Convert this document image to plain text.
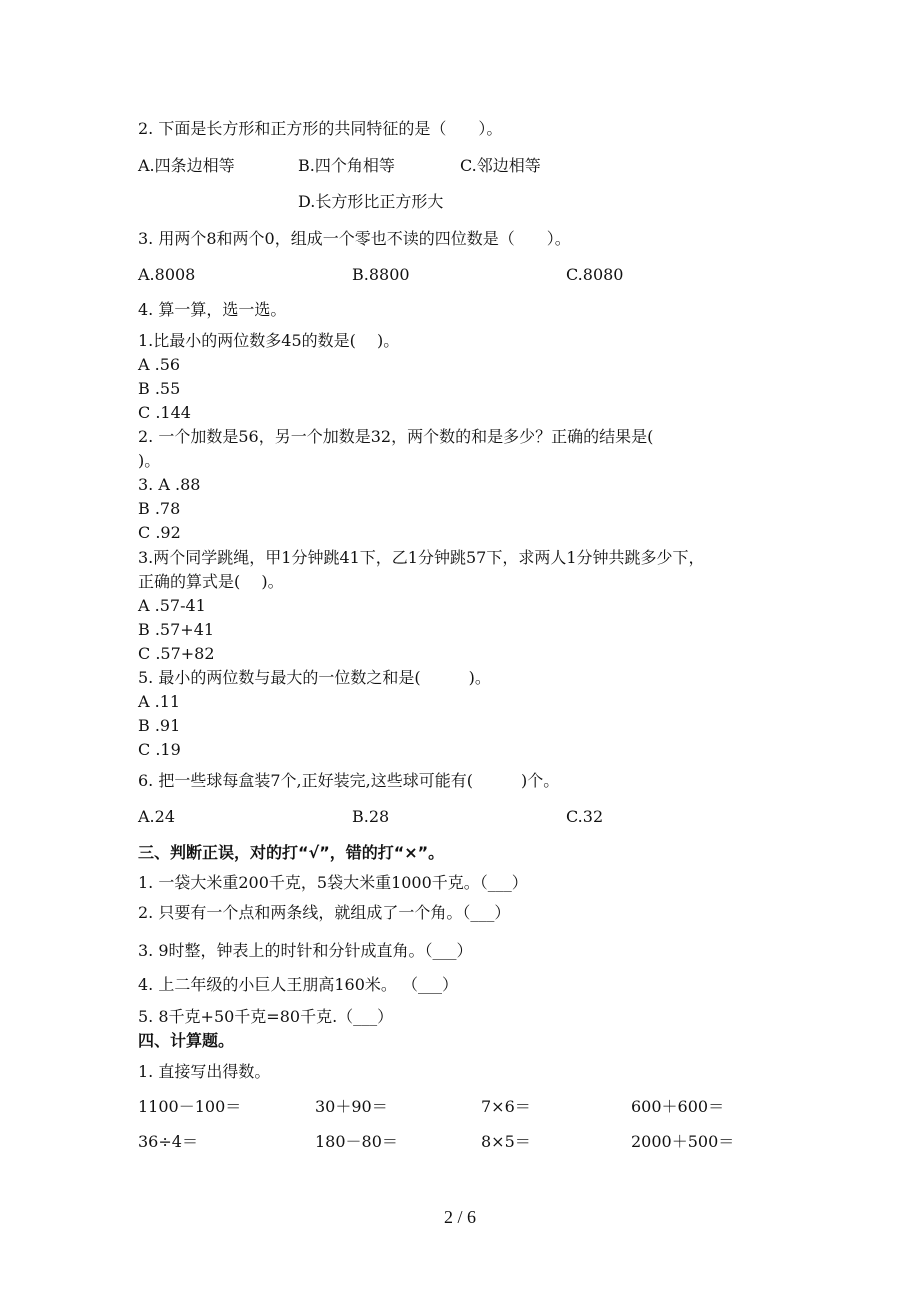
2. 下面是长方形和正方形的共同特征的是（　　）。
A.四条边相等	B.四个角相等	C.邻边相等
D.长方形比正方形大
3. 用两个8和两个0，组成一个零也不读的四位数是（　　）。
A.8008	B.8800	C.8080
4. 算一算，选一选。
1.比最小的两位数多45的数是(　 )。
A .56
B .55
C .144
2. 一个加数是56，另一个加数是32，两个数的和是多少？正确的结果是(
)。
3. A .88
B .78
C .92
3.两个同学跳绳，甲1分钟跳41下，乙1分钟跳57下，求两人1分钟共跳多少下，
正确的算式是(　 )。
A .57-41
B .57+41
C .57+82
5. 最小的两位数与最大的一位数之和是(　　　)。
A .11
B .91
C .19
6. 把一些球每盒装7个,正好装完,这些球可能有(　　　)个。
A.24	B.28	C.32
三、判断正误，对的打“√”，错的打“×”。
1. 一袋大米重200千克，5袋大米重1000千克。（___）
2. 只要有一个点和两条线，就组成了一个角。（___）
3. 9时整，钟表上的时针和分针成直角。（___）
4. 上二年级的小巨人王朋高160米。 （___）
5. 8千克+50千克=80千克.（___）
四、计算题。
1. 直接写出得数。
1100－100＝	30＋90＝	7×6＝	600＋600＝
36÷4＝	180－80＝	8×5＝	2000＋500＝
2 / 6
